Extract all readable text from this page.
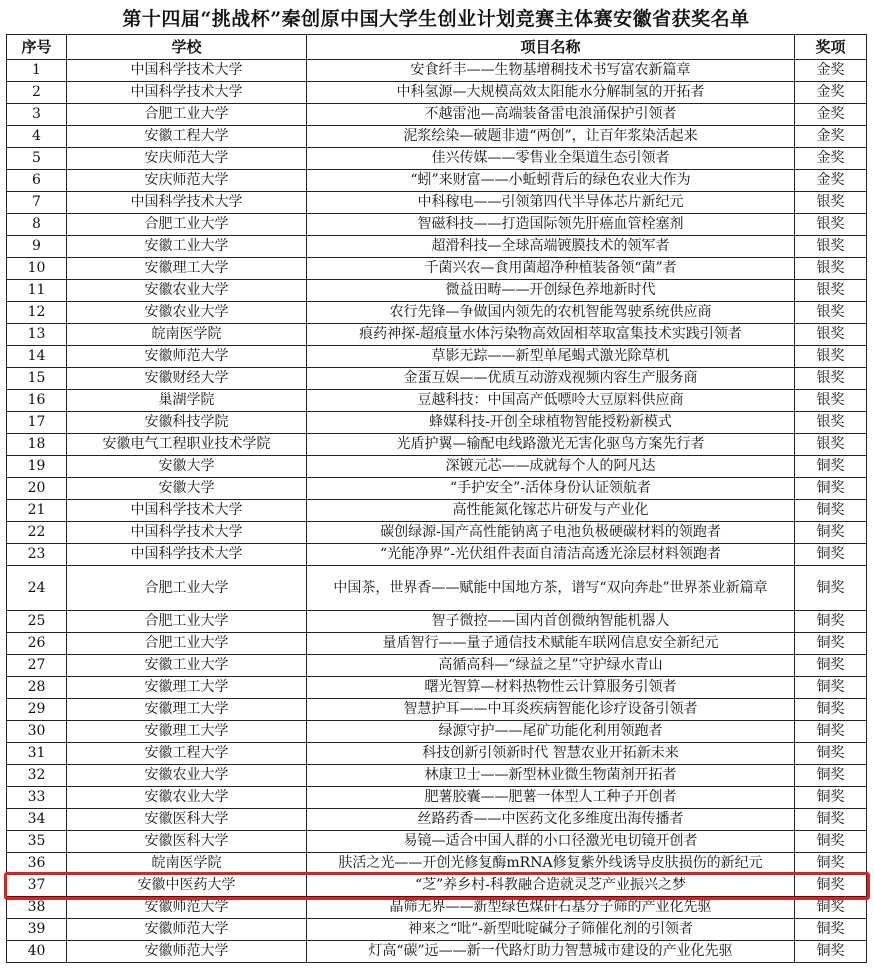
第十四届“挑战杯”秦创原中国大学生创业计划竞赛主体赛安徽省获奖名单
序号	学校	项目名称	奖项
1	中国科学技术大学	安食纤丰——生物基增稠技术书写富农新篇章	金奖
2	中国科学技术大学	中科氢源—大规模高效太阳能水分解制氢的开拓者	金奖
3	合肥工业大学	不越雷池—高端装备雷电浪涌保护引领者	金奖
4	安徽工程大学	泥浆绘染—破题非遗“两创”，让百年浆染活起来	金奖
5	安庆师范大学	佳兴传媒——零售业全渠道生态引领者	金奖
6	安庆师范大学	“蚓”来财富——小蚯蚓背后的绿色农业大作为	金奖
7	中国科学技术大学	中科稼电——引领第四代半导体芯片新纪元	银奖
8	合肥工业大学	智磁科技——打造国际领先肝癌血管栓塞剂	银奖
9	安徽工业大学	超滑科技—全球高端镀膜技术的领军者	银奖
10	安徽理工大学	千菌兴农—食用菌超净种植装备领“菌”者	银奖
11	安徽农业大学	微益田畴——开创绿色养地新时代	银奖
12	安徽农业大学	农行先锋—争做国内领先的农机智能驾驶系统供应商	银奖
13	皖南医学院	痕药神探-超痕量水体污染物高效固相萃取富集技术实践引领者	银奖
14	安徽师范大学	草影无踪——新型单尾蝎式激光除草机	银奖
15	安徽财经大学	金蛋互娱——优质互动游戏视频内容生产服务商	银奖
16	巢湖学院	豆越科技：中国高产低嘌呤大豆原料供应商	银奖
17	安徽科技学院	蜂媒科技-开创全球植物智能授粉新模式	银奖
18	安徽电气工程职业技术学院	光盾护翼—输配电线路激光无害化驱鸟方案先行者	银奖
19	安徽大学	深镀元芯——成就每个人的阿凡达	铜奖
20	安徽大学	“手护安全”-活体身份认证领航者	铜奖
21	中国科学技术大学	高性能氮化镓芯片研发与产业化	铜奖
22	中国科学技术大学	碳创绿源-国产高性能钠离子电池负极硬碳材料的领跑者	铜奖
23	中国科学技术大学	“光能净界”-光伏组件表面自清洁高透光涂层材料领跑者	铜奖
24	合肥工业大学	中国茶，世界香——赋能中国地方茶，谱写“双向奔赴”世界茶业新篇章	铜奖
25	合肥工业大学	智子微控——国内首创微纳智能机器人	铜奖
26	合肥工业大学	量盾智行——量子通信技术赋能车联网信息安全新纪元	铜奖
27	安徽工业大学	高循高科—“绿益之星”守护绿水青山	铜奖
28	安徽理工大学	曙光智算—材料热物性云计算服务引领者	铜奖
29	安徽理工大学	智慧护耳——中耳炎疾病智能化诊疗设备引领者	铜奖
30	安徽理工大学	绿源守护——尾矿功能化利用领跑者	铜奖
31	安徽工程大学	科技创新引领新时代 智慧农业开拓新未来	铜奖
32	安徽农业大学	林康卫士——新型林业微生物菌剂开拓者	铜奖
33	安徽农业大学	肥薯胶囊——肥薯一体型人工种子开创者	铜奖
34	安徽医科大学	丝路药香——中医药文化多维度出海传播者	铜奖
35	安徽医科大学	易镜—适合中国人群的小口径激光电切镜开创者	铜奖
36	皖南医学院	肤活之光——开创光修复酶mRNA修复紫外线诱导皮肤损伤的新纪元	铜奖
37	安徽中医药大学	“芝”养乡村-科教融合造就灵芝产业振兴之梦	铜奖
38	安徽师范大学	晶筛无界——新型绿色煤矸石基分子筛的产业化先驱	铜奖
39	安徽师范大学	神来之“吡”-新型吡啶碱分子筛催化剂的引领者	铜奖
40	安徽师范大学	灯高“碳”远——新一代路灯助力智慧城市建设的产业化先驱	铜奖
